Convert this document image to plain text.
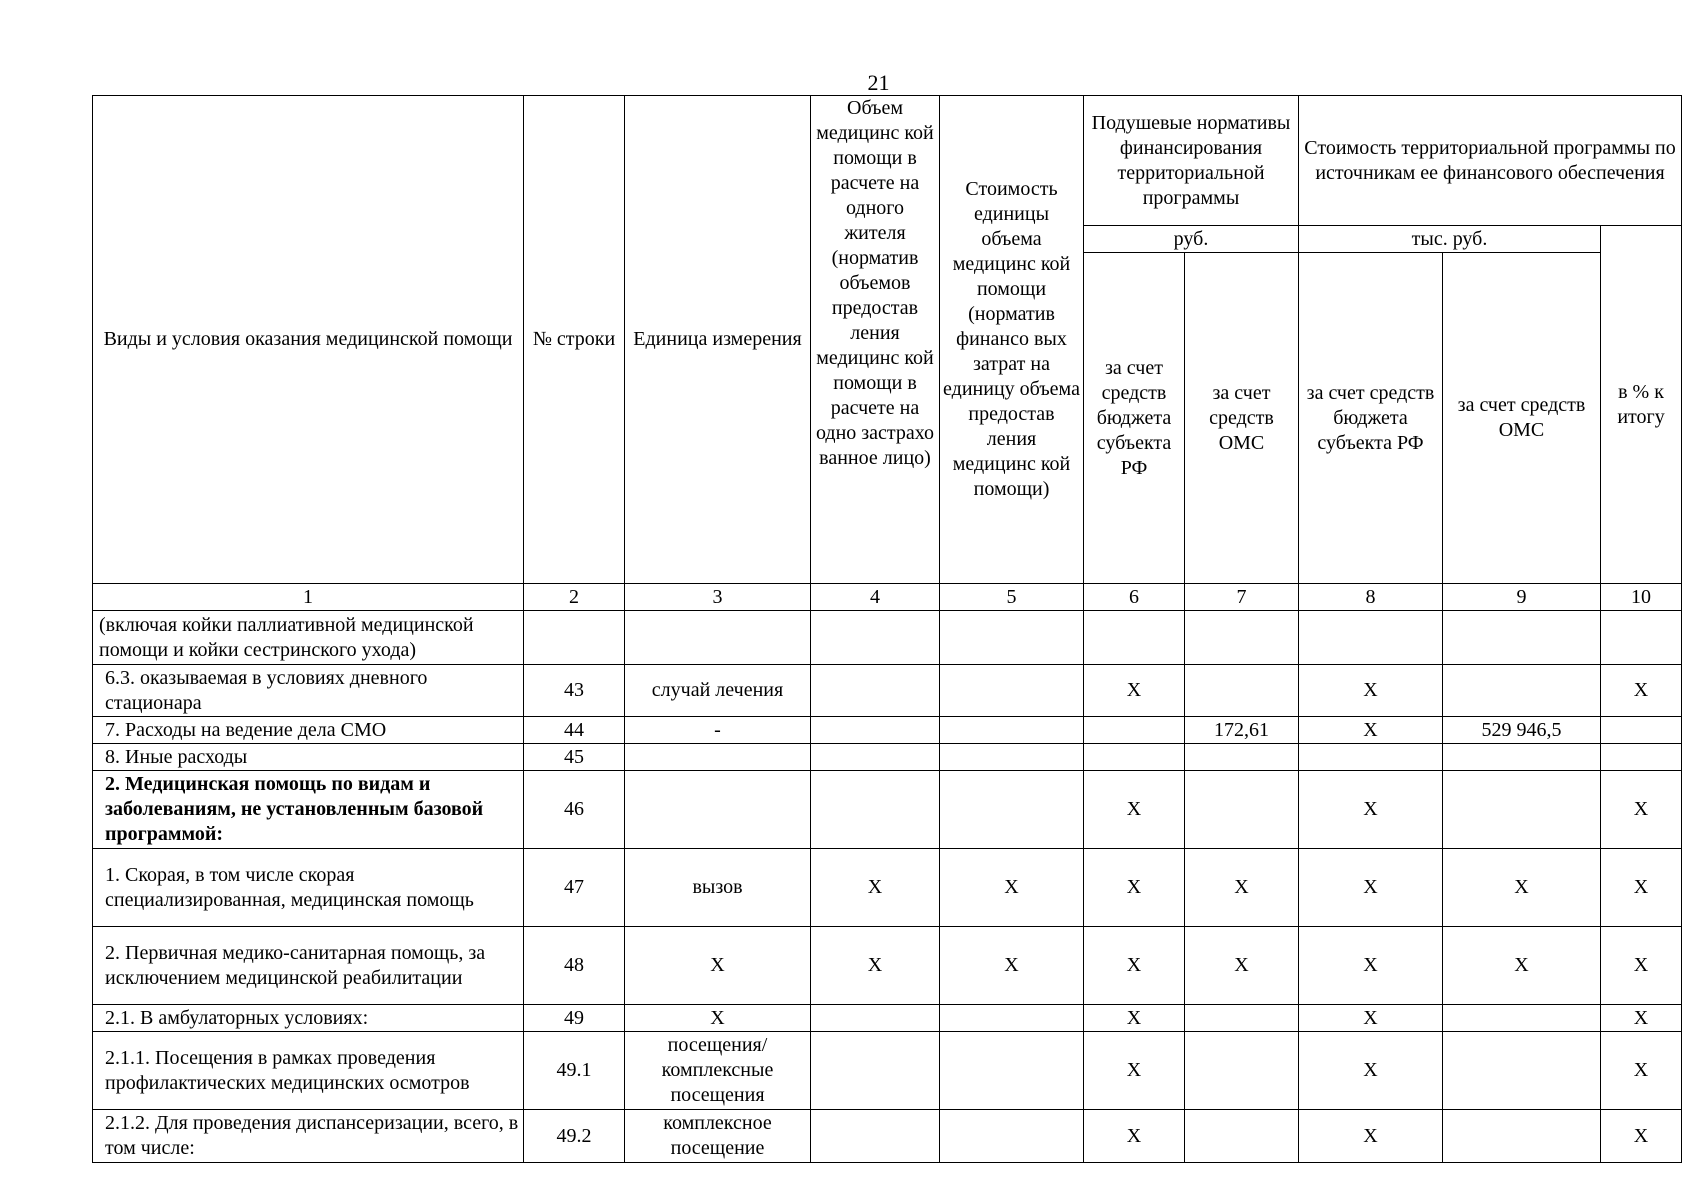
21
Виды и условия оказания медицинской помощи	№ строки	Единица измерения	Объем медицинс кой помощи в расчете на одного жителя (норматив объемов предостав ления медицинс кой помощи в расчете на одно застрахо ванное лицо)	Стоимость единицы объема медицинс кой помощи (норматив финансо вых затрат на единицу объема предостав ления медицинс кой помощи)	Подушевые нормативы финансирования территориальной программы		Стоимость территориальной программы по источникам ее финансового обеспечения		
					руб.		тыс. руб.		в % к итогу
					за счет средств бюджета субъекта РФ	за счет средств ОМС	за счет средств бюджета субъекта РФ	за счет средств ОМС	
1	2	3	4	5	6	7	8	9	10
(включая койки паллиативной медицинской помощи и койки сестринского ухода)									
6.3. оказываемая в условиях дневного стационара	43	случай лечения			Х		Х		Х
7. Расходы на ведение дела СМО	44	-				172,61	Х	529 946,5	
8. Иные расходы	45								
2. Медицинская помощь по видам и заболеваниям, не установленным базовой программой:	46				Х		Х		Х
1. Скорая, в том числе скорая специализированная, медицинская помощь	47	вызов	Х	Х	Х	Х	Х	Х	Х
2. Первичная медико-санитарная помощь, за исключением медицинской реабилитации	48	Х	Х	Х	Х	Х	Х	Х	Х
2.1. В амбулаторных условиях:	49	Х			Х		Х		Х
2.1.1. Посещения в рамках проведения профилактических медицинских осмотров	49.1	посещения/ комплексные посещения			Х		Х		Х
2.1.2. Для проведения диспансеризации, всего, в том числе:	49.2	комплексное посещение			Х		Х		Х
